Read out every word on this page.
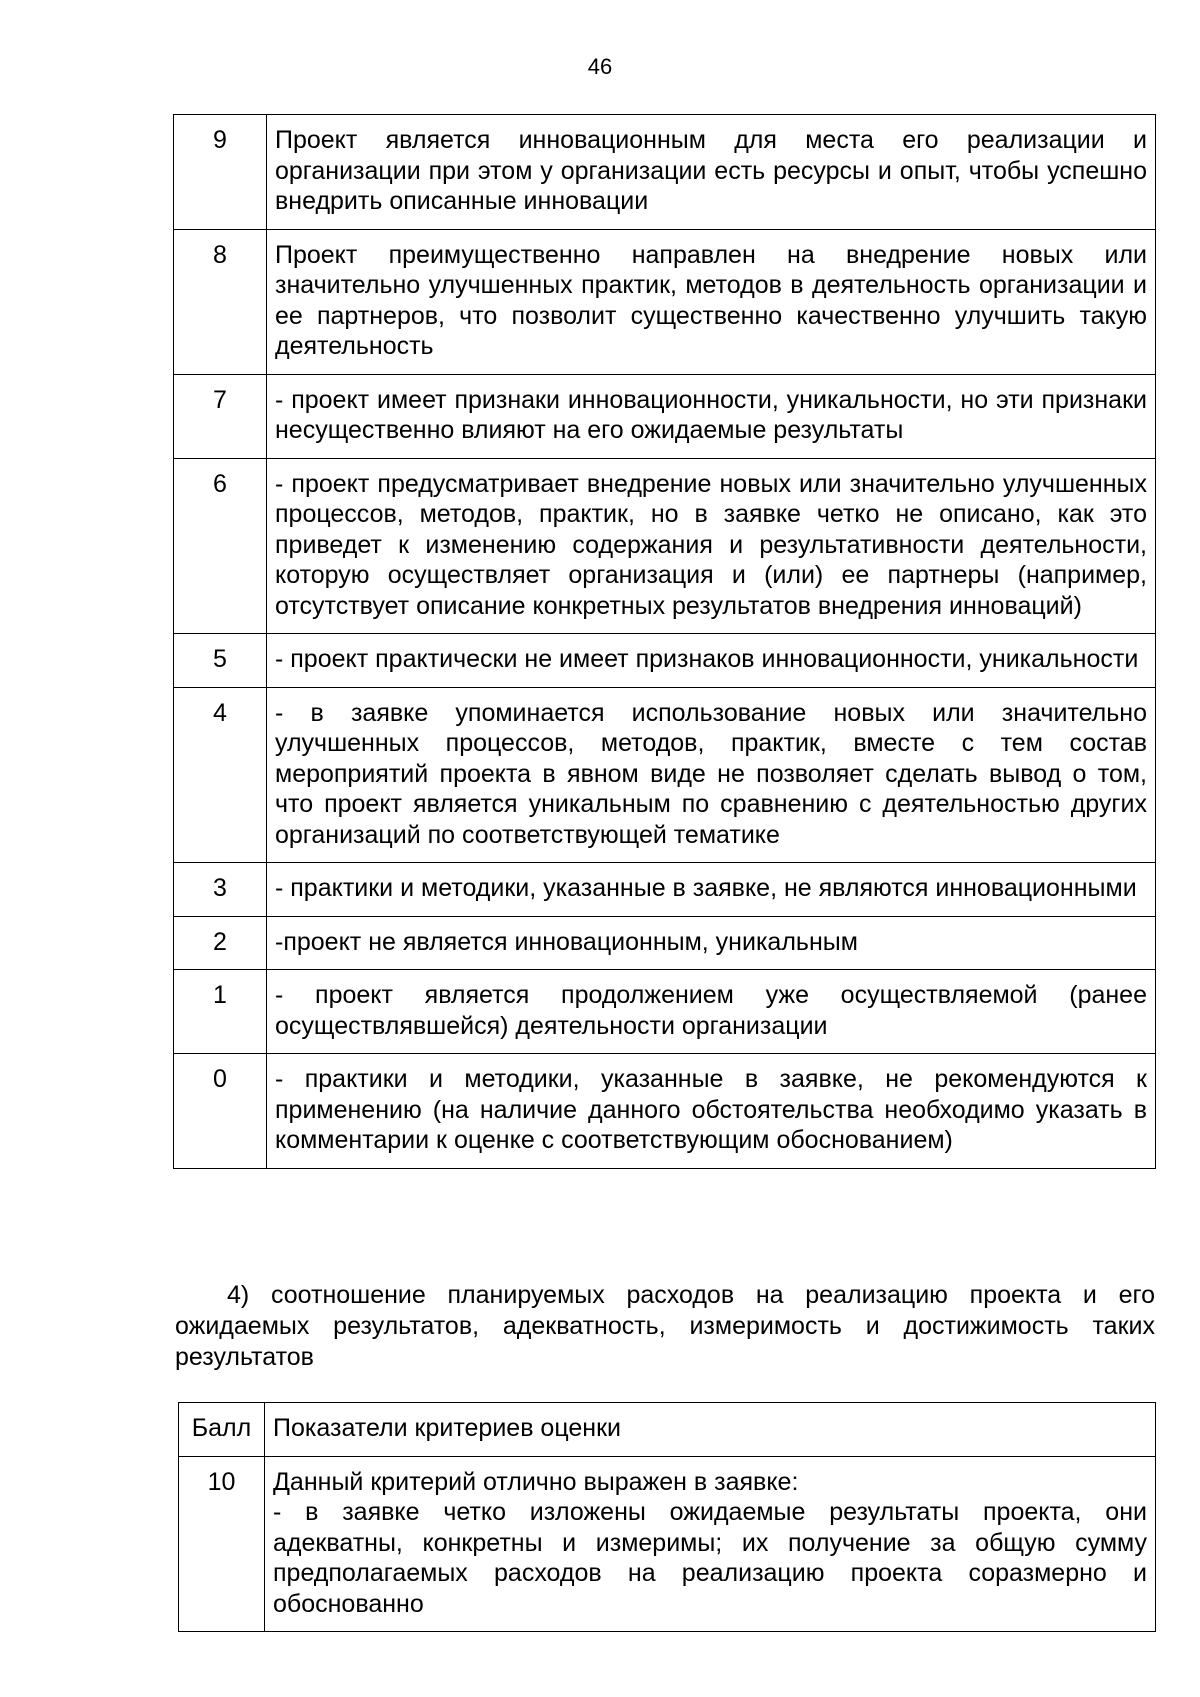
46
9	Проект является инновационным для места его реализации и организации при этом у организации есть ресурсы и опыт, чтобы успешно внедрить описанные инновации
8	Проект преимущественно направлен на внедрение новых или значительно улучшенных практик, методов в деятельность организации и ее партнеров, что позволит существенно качественно улучшить такую деятельность
7	- проект имеет признаки инновационности, уникальности, но эти признаки несущественно влияют на его ожидаемые результаты
6	- проект предусматривает внедрение новых или значительно улучшенных процессов, методов, практик, но в заявке четко не описано, как это приведет к изменению содержания и результативности деятельности, которую осуществляет организация и (или) ее партнеры (например, отсутствует описание конкретных результатов внедрения инноваций)
5	- проект практически не имеет признаков инновационности, уникальности
4	- в заявке упоминается использование новых или значительно улучшенных процессов, методов, практик, вместе с тем состав мероприятий проекта в явном виде не позволяет сделать вывод о том, что проект является уникальным по сравнению с деятельностью других организаций по соответствующей тематике
3	- практики и методики, указанные в заявке, не являются инновационными
2	-проект не является инновационным, уникальным
1	- проект является продолжением уже осуществляемой (ранее осуществлявшейся) деятельности организации
0	- практики и методики, указанные в заявке, не рекомендуются к применению (на наличие данного обстоятельства необходимо указать в комментарии к оценке с соответствующим обоснованием)
4) соотношение планируемых расходов на реализацию проекта и его ожидаемых результатов, адекватность, измеримость и достижимость таких результатов
Балл	Показатели критериев оценки
10	Данный критерий отлично выражен в заявке:
- в заявке четко изложены ожидаемые результаты проекта, они адекватны, конкретны и измеримы; их получение за общую сумму предполагаемых расходов на реализацию проекта соразмерно и обоснованно
